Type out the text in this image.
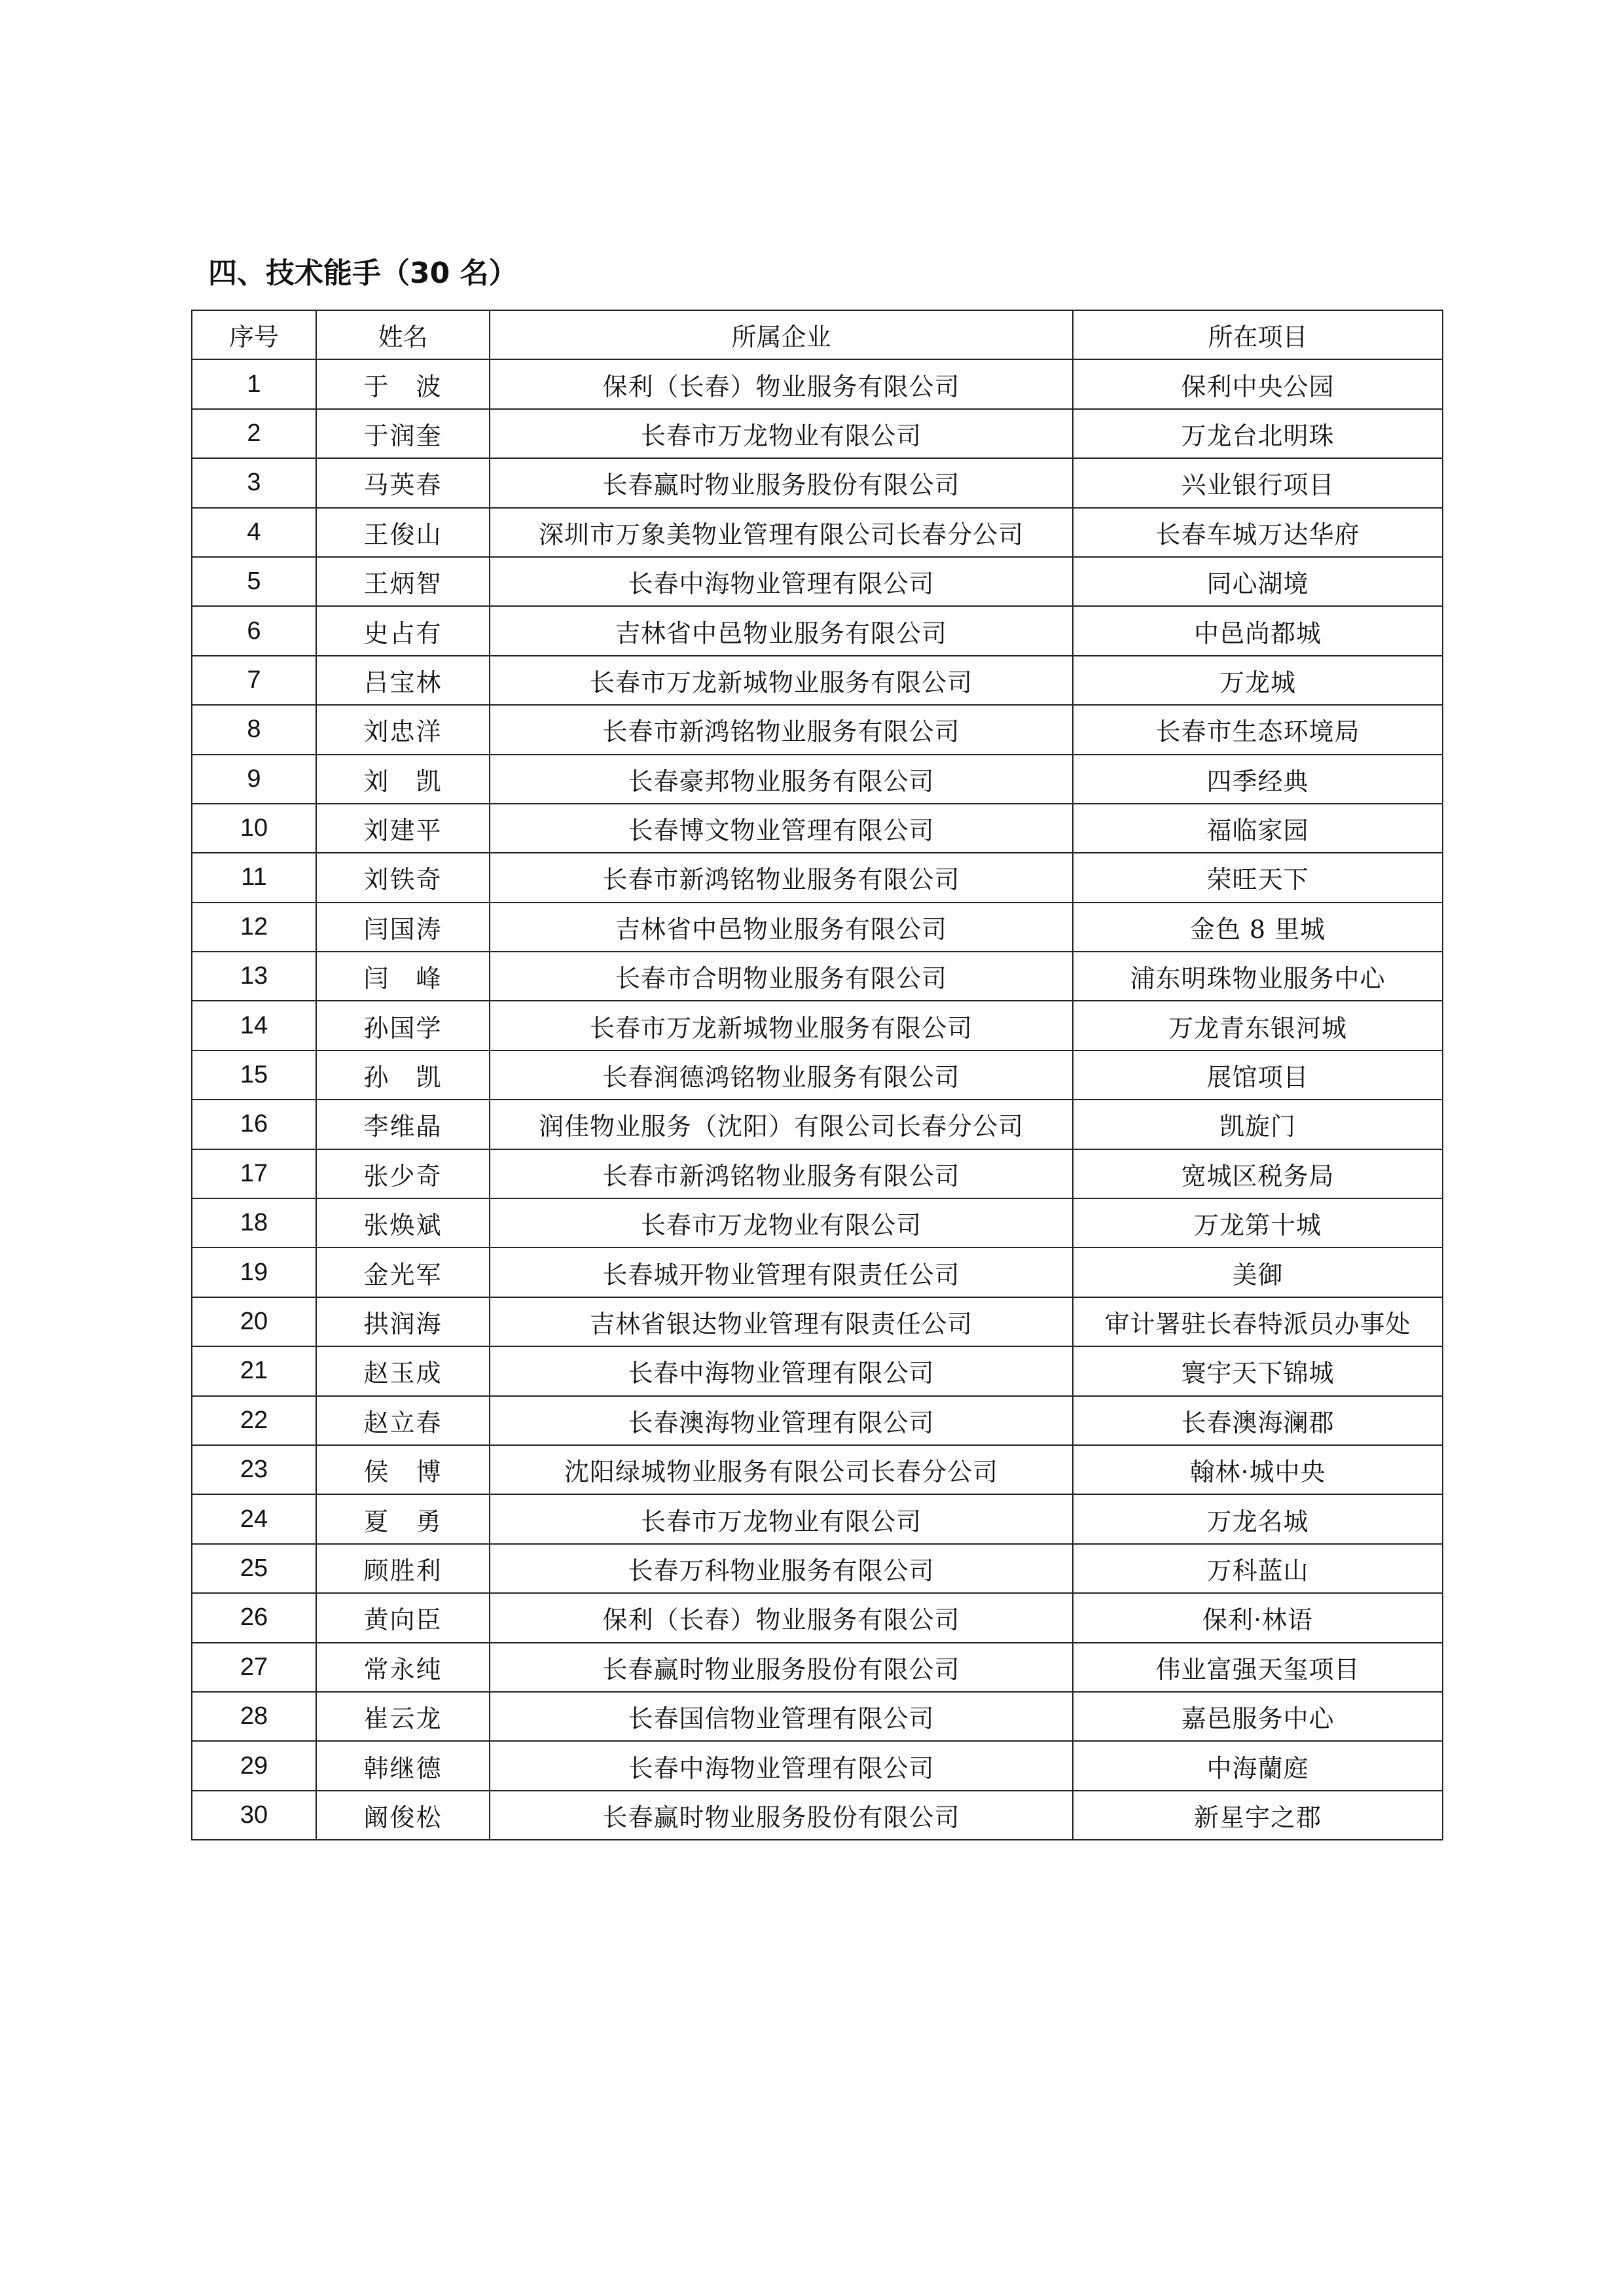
四、技术能手（30 名）
序号	姓名	所属企业	所在项目
1	于　波	保利（长春）物业服务有限公司	保利中央公园
2	于润奎	长春市万龙物业有限公司	万龙台北明珠
3	马英春	长春赢时物业服务股份有限公司	兴业银行项目
4	王俊山	深圳市万象美物业管理有限公司长春分公司	长春车城万达华府
5	王炳智	长春中海物业管理有限公司	同心湖境
6	史占有	吉林省中邑物业服务有限公司	中邑尚都城
7	吕宝林	长春市万龙新城物业服务有限公司	万龙城
8	刘忠洋	长春市新鸿铭物业服务有限公司	长春市生态环境局
9	刘　凯	长春豪邦物业服务有限公司	四季经典
10	刘建平	长春博文物业管理有限公司	福临家园
11	刘铁奇	长春市新鸿铭物业服务有限公司	荣旺天下
12	闫国涛	吉林省中邑物业服务有限公司	金色 8 里城
13	闫　峰	长春市合明物业服务有限公司	浦东明珠物业服务中心
14	孙国学	长春市万龙新城物业服务有限公司	万龙青东银河城
15	孙　凯	长春润德鸿铭物业服务有限公司	展馆项目
16	李维晶	润佳物业服务（沈阳）有限公司长春分公司	凯旋门
17	张少奇	长春市新鸿铭物业服务有限公司	宽城区税务局
18	张焕斌	长春市万龙物业有限公司	万龙第十城
19	金光军	长春城开物业管理有限责任公司	美御
20	拱润海	吉林省银达物业管理有限责任公司	审计署驻长春特派员办事处
21	赵玉成	长春中海物业管理有限公司	寰宇天下锦城
22	赵立春	长春澳海物业管理有限公司	长春澳海澜郡
23	侯　博	沈阳绿城物业服务有限公司长春分公司	翰林·城中央
24	夏　勇	长春市万龙物业有限公司	万龙名城
25	顾胜利	长春万科物业服务有限公司	万科蓝山
26	黄向臣	保利（长春）物业服务有限公司	保利·林语
27	常永纯	长春赢时物业服务股份有限公司	伟业富强天玺项目
28	崔云龙	长春国信物业管理有限公司	嘉邑服务中心
29	韩继德	长春中海物业管理有限公司	中海蘭庭
30	阚俊松	长春赢时物业服务股份有限公司	新星宇之郡
